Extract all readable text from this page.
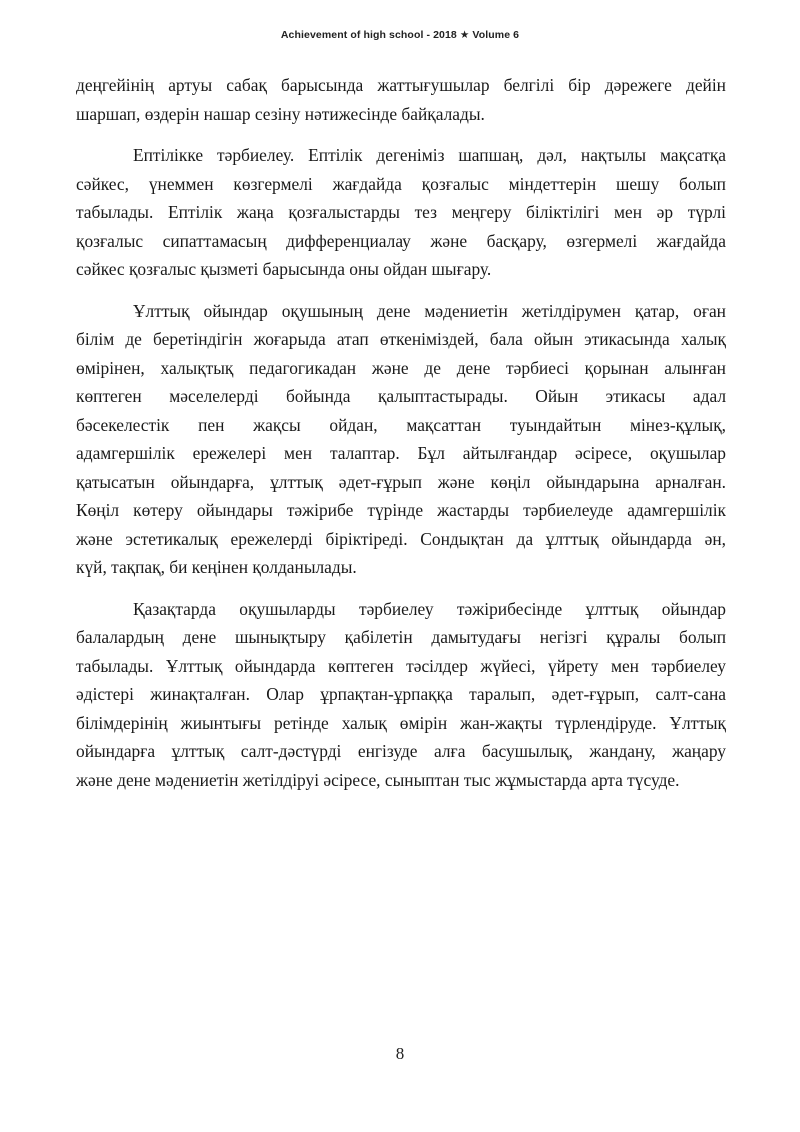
Achievement of high school - 2018 ★ Volume 6

деңгейінің артуы сабақ барысында жаттығушылар белгілі бір дәрежеге дейін
шаршап, өздерін нашар сезіну нәтижесінде байқалады.

Ептілікке тәрбиелеу. Ептілік дегеніміз шапшаң, дәл, нақтылы мақсатқа
сәйкес, үнеммен көзгермелі жағдайда қозғалыс міндеттерін шешу болып
табылады. Ептілік жаңа қозғалыстарды тез меңгеру біліктілігі мен әр түрлі
қозғалыс сипаттамасың дифференциалау және басқару, өзгермелі жағдайда
сәйкес қозғалыс қызметі барысында оны ойдан шығару.

Ұлттық ойындар оқушының дене мәдениетін жетілдірумен қатар, оған
білім де беретіндігін жоғарыда атап өткеніміздей, бала ойын этикасында халық
өмірінен, халықтық педагогикадан және де дене тәрбиесі қорынан алынған
көптеген мәселелерді бойында қалыптастырады. Ойын этикасы адал
бәсекелестік пен жақсы ойдан, мақсаттан туындайтын мінез-құлық,
адамгершілік ережелері мен талаптар. Бұл айтылғандар әсіресе, оқушылар
қатысатын ойындарға, ұлттық әдет-ғұрып және көңіл ойындарына арналған.
Көңіл көтеру ойындары тәжірибе түрінде жастарды тәрбиелеуде адамгершілік
және эстетикалық ережелерді біріктіреді. Сондықтан да ұлттық ойындарда ән,
күй, тақпақ, би кеңінен қолданылады.

Қазақтарда оқушыларды тәрбиелеу тәжірибесінде ұлттық ойындар
балалардың дене шынықтыру қабілетін дамытудағы негізгі құралы болып
табылады. Ұлттық ойындарда көптеген тәсілдер жүйесі, үйрету мен тәрбиелеу
әдістері жинақталған. Олар ұрпақтан-ұрпаққа таралып, әдет-ғұрып, салт-сана
білімдерінің жиынтығы ретінде халық өмірін жан-жақты түрлендіруде. Ұлттық
ойындарға ұлттық салт-дәстүрді енгізуде алға басушылық, жандану, жаңару
және дене мәдениетін жетілдіруі әсіресе, сыныптан тыс жұмыстарда арта түсуде.

8
